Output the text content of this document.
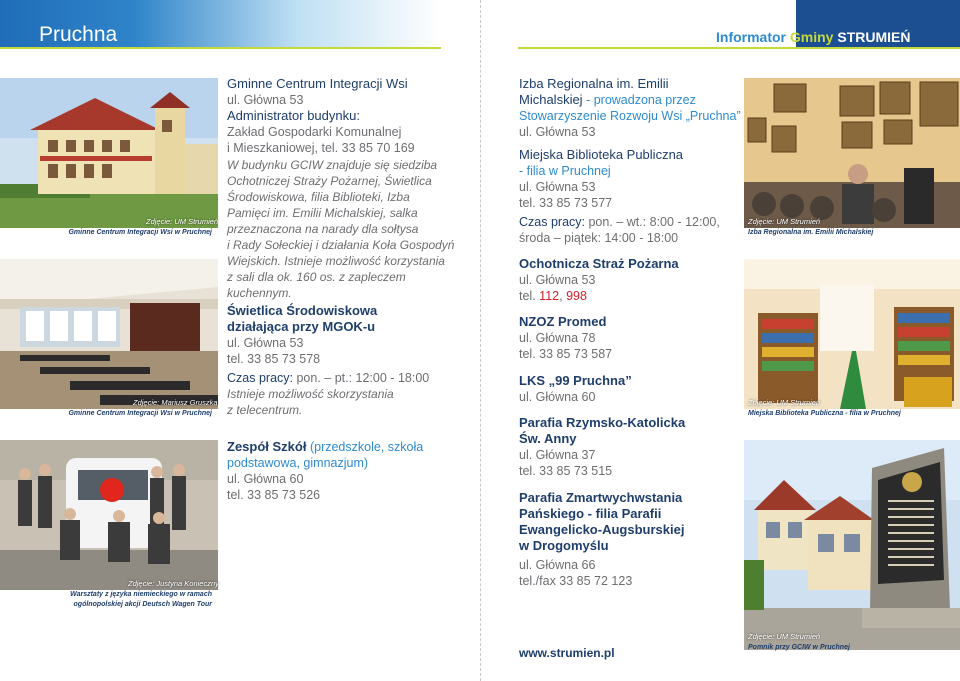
Pruchna	Informator Gminy STRUMIEŃ
Zdjęcie: UM Strumień
Gminne Centrum Integracji Wsi w Pruchnej
Zdjęcie: Mariusz Gruszka
Gminne Centrum Integracji Wsi w Pruchnej
Zdjęcie: Justyna Konieczny
Warsztaty z języka niemieckiego w ramach
ogólnopolskiej akcji Deutsch Wagen Tour
Gminne Centrum Integracji Wsi
ul. Główna 53
Administrator budynku:
Zakład Gospodarki Komunalnej
i Mieszkaniowej, tel. 33 85 70 169
W budynku GCIW znajduje się siedziba
Ochotniczej Straży Pożarnej, Świetlica
Środowiskowa, filia Biblioteki, Izba
Pamięci im. Emilii Michalskiej, salka
przeznaczona na narady dla sołtysa
i Rady Sołeckiej i działania Koła Gospodyń
Wiejskich. Istnieje możliwość korzystania
z sali dla ok. 160 os. z zapleczem
kuchennym.
Świetlica Środowiskowa
działająca przy MGOK-u
ul. Główna 53
tel. 33 85 73 578
Czas pracy: pon. – pt.: 12:00 - 18:00
Istnieje możliwość skorzystania
z telecentrum.
Zespół Szkół (przedszkole, szkoła
podstawowa, gimnazjum)
ul. Główna 60
tel. 33 85 73 526
Izba Regionalna im. Emilii
Michalskiej - prowadzona przez
Stowarzyszenie Rozwoju Wsi „Pruchna”
ul. Główna 53
Miejska Biblioteka Publiczna
- filia w Pruchnej
ul. Główna 53
tel. 33 85 73 577
Czas pracy: pon. – wt.: 8:00 - 12:00,
środa – piątek: 14:00 - 18:00
Ochotnicza Straż Pożarna
ul. Główna 53
tel. 112, 998
NZOZ Promed
ul. Główna 78
tel. 33 85 73 587
LKS „99 Pruchna”
ul. Główna 60
Parafia Rzymsko-Katolicka
Św. Anny
ul. Główna 37
tel. 33 85 73 515
Parafia Zmartwychwstania
Pańskiego - filia Parafii
Ewangelicko-Augsburskiej
w Drogomyślu
ul. Główna 66
tel./fax 33 85 72 123
www.strumien.pl
Zdjęcie: UM Strumień
Izba Regionalna im. Emilii Michalskiej
Zdjęcie: UM Strumień
Miejska Biblioteka Publiczna - filia w Pruchnej
Zdjęcie: UM Strumień
Pomnik przy GCIW w Pruchnej
